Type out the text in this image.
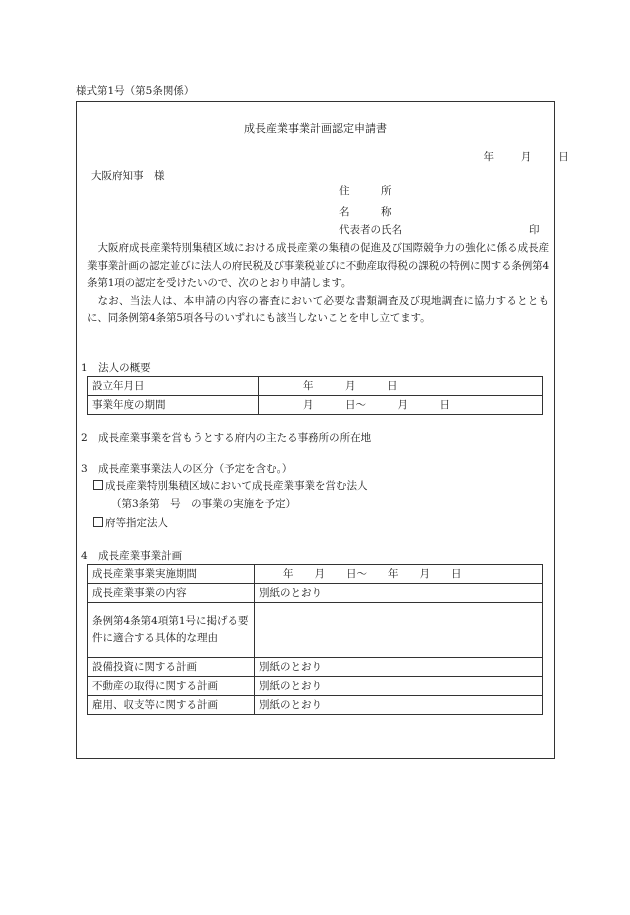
様式第1号（第5条関係）
成長産業事業計画認定申請書
年	月	日
大阪府知事　様
住　　　所
名　　　称
代表者の氏名	印

大阪府成長産業特別集積区域における成長産業の集積の促進及び国際競争力の強化に係る成長産業事業計画の認定並びに法人の府民税及び事業税並びに不動産取得税の課税の特例に関する条例第4条第1項の認定を受けたいので、次のとおり申請します。

なお、当法人は、本申請の内容の審査において必要な書類調査及び現地調査に協力するとともに、同条例第4条第5項各号のいずれにも該当しないことを申し立てます。

1　法人の概要
設立年月日	年　　　月　　　日
事業年度の期間	月　　　日～　　　月　　　日
2　成長産業事業を営もうとする府内の主たる事務所の所在地
3　成長産業事業法人の区分（予定を含む。）
成長産業特別集積区域において成長産業事業を営む法人
（第3条第　号　の事業の実施を予定）
府等指定法人
4　成長産業事業計画
成長産業事業実施期間	年　　月　　日～　　年　　月　　日
成長産業事業の内容	別紙のとおり
条例第4条第4項第1号に掲げる要件に適合する具体的な理由	
設備投資に関する計画	別紙のとおり
不動産の取得に関する計画	別紙のとおり
雇用、収支等に関する計画	別紙のとおり
